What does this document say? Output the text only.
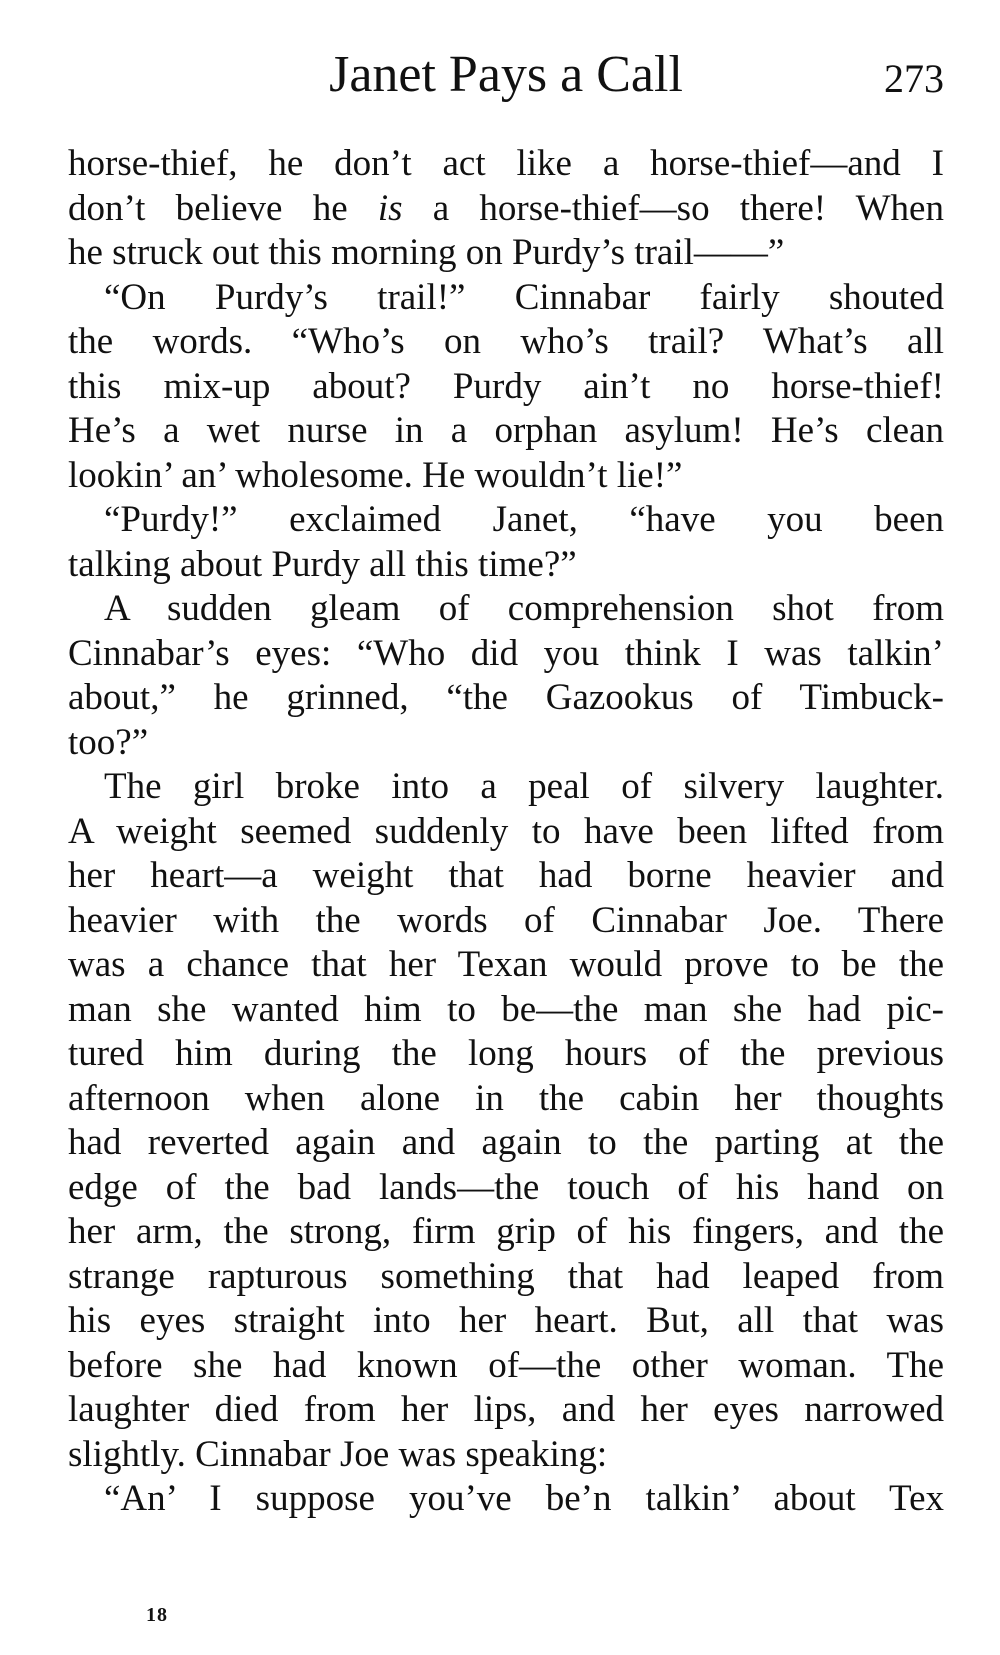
Janet Pays a Call	273
horse-thief, he don’t act like a horse-thief—and I
don’t believe he is a horse-thief—so there! When
he struck out this morning on Purdy’s trail——”
“On Purdy’s trail!” Cinnabar fairly shouted
the words. “Who’s on who’s trail? What’s all
this mix-up about? Purdy ain’t no horse-thief!
He’s a wet nurse in a orphan asylum! He’s clean
lookin’ an’ wholesome. He wouldn’t lie!”
“Purdy!” exclaimed Janet, “have you been
talking about Purdy all this time?”
A sudden gleam of comprehension shot from
Cinnabar’s eyes: “Who did you think I was talkin’
about,” he grinned, “the Gazookus of Timbuck-
too?”
The girl broke into a peal of silvery laughter.
A weight seemed suddenly to have been lifted from
her heart—a weight that had borne heavier and
heavier with the words of Cinnabar Joe. There
was a chance that her Texan would prove to be the
man she wanted him to be—the man she had pic-
tured him during the long hours of the previous
afternoon when alone in the cabin her thoughts
had reverted again and again to the parting at the
edge of the bad lands—the touch of his hand on
her arm, the strong, firm grip of his fingers, and the
strange rapturous something that had leaped from
his eyes straight into her heart. But, all that was
before she had known of—the other woman. The
laughter died from her lips, and her eyes narrowed
slightly. Cinnabar Joe was speaking:
“An’ I suppose you’ve be’n talkin’ about Tex
18
